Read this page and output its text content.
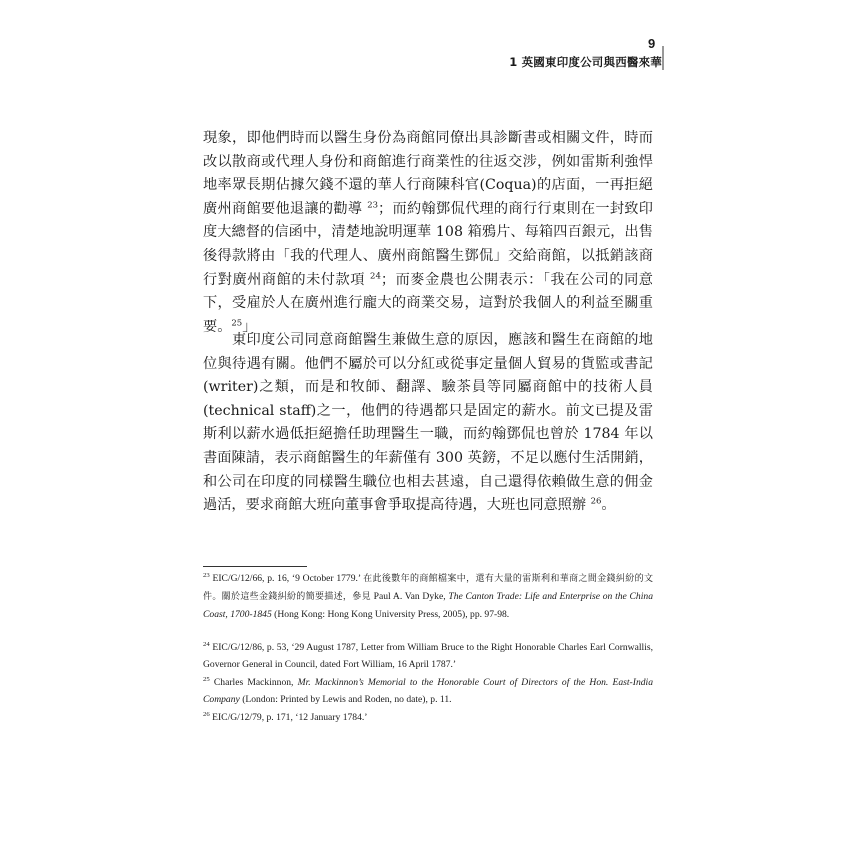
9
1 英國東印度公司與西醫來華

現象，即他們時而以醫生身份為商館同僚出具診斷書或相關文件，時而改以散商或代理人身份和商館進行商業性的往返交涉，例如雷斯利強悍地率眾長期佔據欠錢不還的華人行商陳科官(Coqua)的店面，一再拒絕廣州商館要他退讓的勸導 $^{23}$；而約翰鄧侃代理的商行行東則在一封致印度大總督的信函中，清楚地說明運華 108 箱鴉片、每箱四百銀元，出售後得款將由「我的代理人、廣州商館醫生鄧侃」交給商館，以抵銷該商行對廣州商館的未付款項 $^{24}$；而麥金農也公開表示：「我在公司的同意下，受雇於人在廣州進行龐大的商業交易，這對於我個人的利益至關重要。$^{25}$」

東印度公司同意商館醫生兼做生意的原因，應該和醫生在商館的地位與待遇有關。他們不屬於可以分紅或從事定量個人貿易的貨監或書記(writer)之類，而是和牧師、翻譯、驗茶員等同屬商館中的技術人員(technical staff)之一，他們的待遇都只是固定的薪水。前文已提及雷斯利以薪水過低拒絕擔任助理醫生一職，而約翰鄧侃也曾於 1784 年以書面陳請，表示商館醫生的年薪僅有 300 英鎊，不足以應付生活開銷，和公司在印度的同樣醫生職位也相去甚遠，自己還得依賴做生意的佣金過活，要求商館大班向董事會爭取提高待遇，大班也同意照辦 $^{26}$。

$^{23}$ EIC/G/12/66, p. 16, ‘9 October 1779.’ 在此後數年的商館檔案中，還有大量的雷斯利和華商之間金錢糾紛的文件。關於這些金錢糾紛的簡要描述，參見 Paul A. Van Dyke, The Canton Trade: Life and Enterprise on the China Coast, 1700-1845 (Hong Kong: Hong Kong University Press, 2005), pp. 97-98.

$^{24}$ EIC/G/12/86, p. 53, ‘29 August 1787, Letter from William Bruce to the Right Honorable Charles Earl Cornwallis, Governor General in Council, dated Fort William, 16 April 1787.’

$^{25}$ Charles Mackinnon, Mr. Mackinnon’s Memorial to the Honorable Court of Directors of the Hon. East-India Company (London: Printed by Lewis and Roden, no date), p. 11.

$^{26}$ EIC/G/12/79, p. 171, ‘12 January 1784.’
